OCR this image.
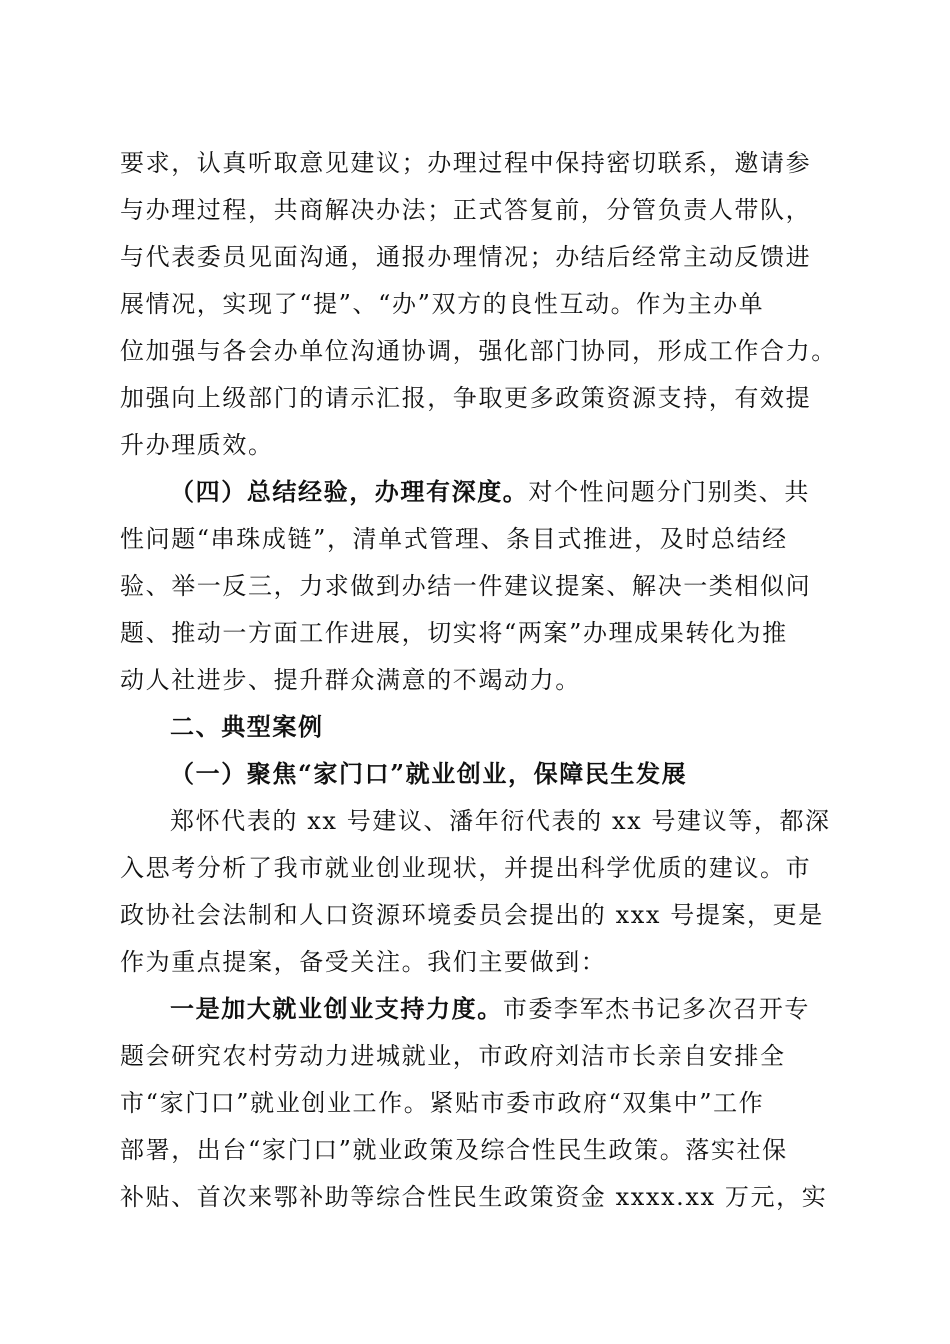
要求，认真听取意见建议；办理过程中保持密切联系，邀请参
与办理过程，共商解决办法；正式答复前，分管负责人带队，
与代表委员见面沟通，通报办理情况；办结后经常主动反馈进
展情况，实现了“提”、“办”双方的良性互动。作为主办单
位加强与各会办单位沟通协调，强化部门协同，形成工作合力。
加强向上级部门的请示汇报，争取更多政策资源支持，有效提
升办理质效。
（四）总结经验，办理有深度。对个性问题分门别类、共
性问题“串珠成链”，清单式管理、条目式推进，及时总结经
验、举一反三，力求做到办结一件建议提案、解决一类相似问
题、推动一方面工作进展，切实将“两案”办理成果转化为推
动人社进步、提升群众满意的不竭动力。
二、典型案例
（一）聚焦“家门口”就业创业，保障民生发展
郑怀代表的 xx 号建议、潘年衍代表的 xx 号建议等，都深
入思考分析了我市就业创业现状，并提出科学优质的建议。市
政协社会法制和人口资源环境委员会提出的 xxx 号提案，更是
作为重点提案，备受关注。我们主要做到：
一是加大就业创业支持力度。市委李军杰书记多次召开专
题会研究农村劳动力进城就业，市政府刘洁市长亲自安排全
市“家门口”就业创业工作。紧贴市委市政府“双集中”工作
部署，出台“家门口”就业政策及综合性民生政策。落实社保
补贴、首次来鄂补助等综合性民生政策资金 xxxx.xx 万元，实
